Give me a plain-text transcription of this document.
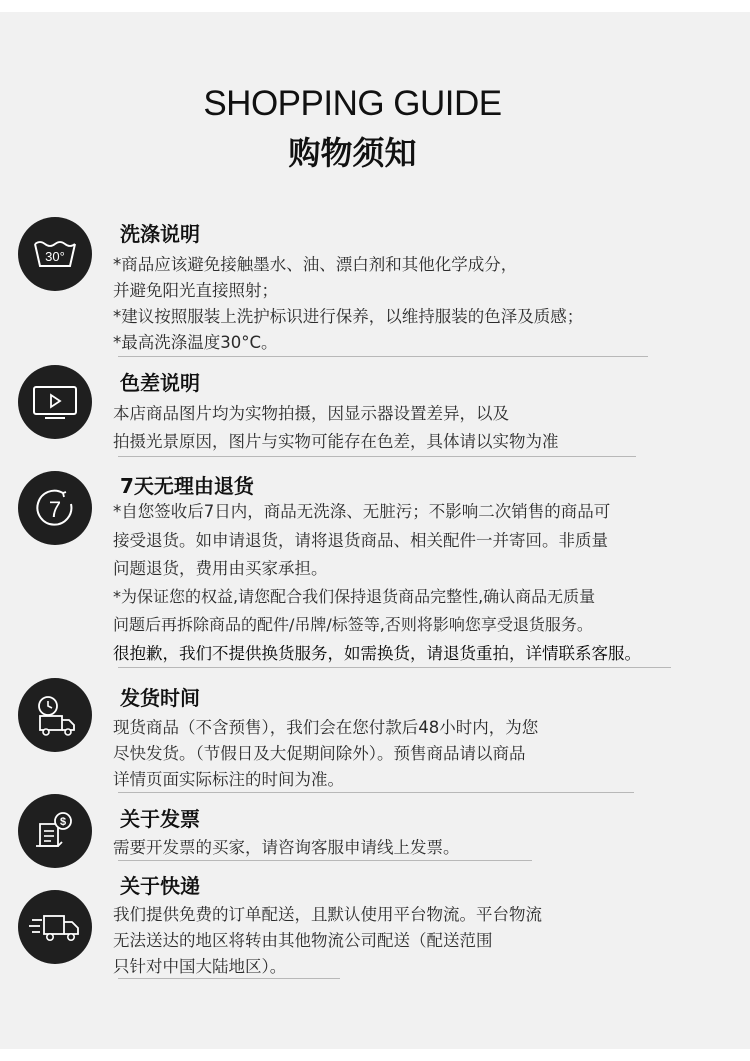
SHOPPING GUIDE
购物须知
30°
洗涤说明
*商品应该避免接触墨水、油、漂白剂和其他化学成分，
并避免阳光直接照射；
*建议按照服装上洗护标识进行保养，以维持服装的色泽及质感；
*最高洗涤温度30°C。
色差说明
本店商品图片均为实物拍摄，因显示器设置差异，以及
拍摄光景原因，图片与实物可能存在色差，具体请以实物为准
7
7天无理由退货
*自您签收后7日内，商品无洗涤、无脏污；不影响二次销售的商品可
接受退货。如申请退货，请将退货商品、相关配件一并寄回。非质量
问题退货，费用由买家承担。
*为保证您的权益,请您配合我们保持退货商品完整性,确认商品无质量
问题后再拆除商品的配件/吊牌/标签等,否则将影响您享受退货服务。
很抱歉，我们不提供换货服务，如需换货，请退货重拍，详情联系客服。
发货时间
现货商品（不含预售），我们会在您付款后48小时内，为您
尽快发货。（节假日及大促期间除外）。预售商品请以商品
详情页面实际标注的时间为准。
$	关于发票
需要开发票的买家，请咨询客服申请线上发票。
关于快递
我们提供免费的订单配送，且默认使用平台物流。平台物流
无法送达的地区将转由其他物流公司配送（配送范围
只针对中国大陆地区）。
